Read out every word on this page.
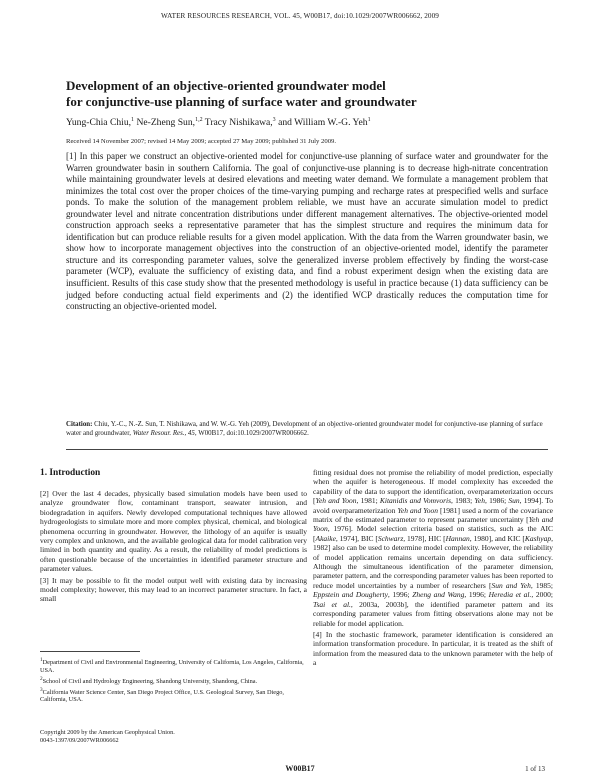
WATER RESOURCES RESEARCH, VOL. 45, W00B17, doi:10.1029/2007WR006662, 2009
Development of an objective-oriented groundwater model
for conjunctive-use planning of surface water and groundwater
Yung-Chia Chiu,$^1$ Ne-Zheng Sun,$^{1,2}$ Tracy Nishikawa,$^3$ and William W.-G. Yeh$^1$
Received 14 November 2007; revised 14 May 2009; accepted 27 May 2009; published 31 July 2009.
[1] In this paper we construct an objective-oriented model for conjunctive-use planning of surface water and groundwater for the Warren groundwater basin in southern California. The goal of conjunctive-use planning is to decrease high-nitrate concentration while maintaining groundwater levels at desired elevations and meeting water demand. We formulate a management problem that minimizes the total cost over the proper choices of the time-varying pumping and recharge rates at prespecified wells and surface ponds. To make the solution of the management problem reliable, we must have an accurate simulation model to predict groundwater level and nitrate concentration distributions under different management alternatives. The objective-oriented model construction approach seeks a representative parameter that has the simplest structure and requires the minimum data for identification but can produce reliable results for a given model application. With the data from the Warren groundwater basin, we show how to incorporate management objectives into the construction of an objective-oriented model, identify the parameter structure and its corresponding parameter values, solve the generalized inverse problem effectively by finding the worst-case parameter (WCP), evaluate the sufficiency of existing data, and find a robust experiment design when the existing data are insufficient. Results of this case study show that the presented methodology is useful in practice because (1) data sufficiency can be judged before conducting actual field experiments and (2) the identified WCP drastically reduces the computation time for constructing an objective-oriented model.
Citation: Chiu, Y.-C., N.-Z. Sun, T. Nishikawa, and W. W.-G. Yeh (2009), Development of an objective-oriented groundwater model for conjunctive-use planning of surface water and groundwater, Water Resour. Res., 45, W00B17, doi:10.1029/2007WR006662.
1. Introduction

[2] Over the last 4 decades, physically based simulation models have been used to analyze groundwater flow, contaminant transport, seawater intrusion, and biodegradation in aquifers. Newly developed computational techniques have allowed hydrogeologists to simulate more and more complex physical, chemical, and biological phenomena occurring in groundwater. However, the lithology of an aquifer is usually very complex and unknown, and the available geological data for model calibration very limited in both quantity and quality. As a result, the reliability of model predictions is often questionable because of the uncertainties in identified parameter structure and parameter values.

[3] It may be possible to fit the model output well with existing data by increasing model complexity; however, this may lead to an incorrect parameter structure. In fact, a small

fitting residual does not promise the reliability of model prediction, especially when the aquifer is heterogeneous. If model complexity has exceeded the capability of the data to support the identification, overparameterization occurs [Yeh and Yoon, 1981; Kitanidis and Vomvoris, 1983; Yeh, 1986; Sun, 1994]. To avoid overparameterization Yeh and Yoon [1981] used a norm of the covariance matrix of the estimated parameter to represent parameter uncertainty [Yeh and Yoon, 1976]. Model selection criteria based on statistics, such as the AIC [Akaike, 1974], BIC [Schwarz, 1978], HIC [Hannan, 1980], and KIC [Kashyap, 1982] also can be used to determine model complexity. However, the reliability of model application remains uncertain depending on data sufficiency. Although the simultaneous identification of the parameter dimension, parameter pattern, and the corresponding parameter values has been reported to reduce model uncertainties by a number of researchers [Sun and Yeh, 1985; Eppstein and Dougherty, 1996; Zheng and Wang, 1996; Heredia et al., 2000; Tsai et al., 2003a, 2003b], the identified parameter pattern and its corresponding parameter values from fitting observations alone may not be reliable for model application.

[4] In the stochastic framework, parameter identification is considered an information transformation procedure. In particular, it is treated as the shift of information from the measured data to the unknown parameter with the help of a

$^1$Department of Civil and Environmental Engineering, University of California, Los Angeles, California, USA.
$^2$School of Civil and Hydrology Engineering, Shandong University, Shandong, China.
$^3$California Water Science Center, San Diego Project Office, U.S. Geological Survey, San Diego, California, USA.
Copyright 2009 by the American Geophysical Union.
0043-1397/09/2007WR006662
W00B17	1 of 13
